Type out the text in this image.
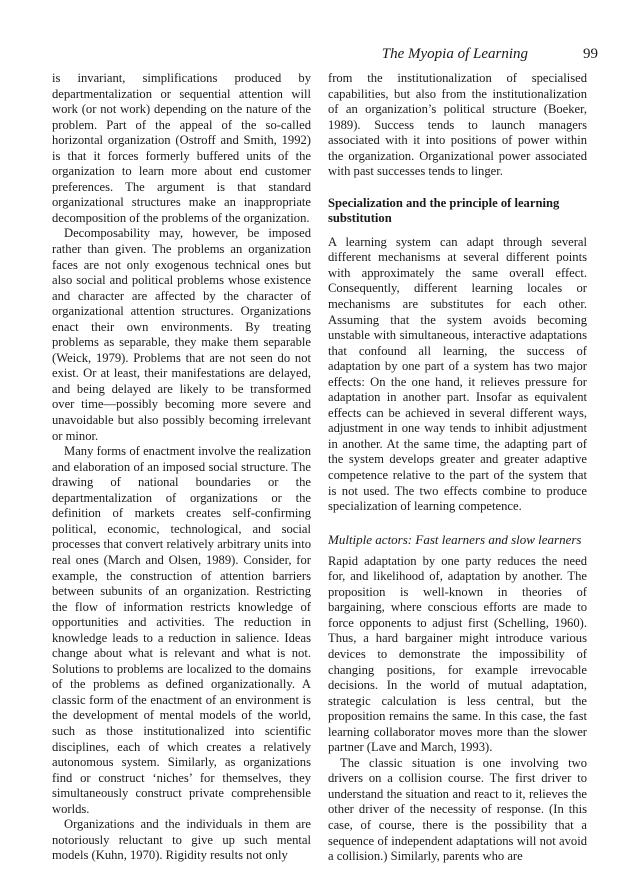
The Myopia of Learning	99

is invariant, simplifications produced by departmentalization or sequential attention will work (or not work) depending on the nature of the problem. Part of the appeal of the so-called horizontal organization (Ostroff and Smith, 1992) is that it forces formerly buffered units of the organization to learn more about end customer preferences. The argument is that standard organizational structures make an inappropriate decomposition of the problems of the organization.

Decomposability may, however, be imposed rather than given. The problems an organization faces are not only exogenous technical ones but also social and political problems whose existence and character are affected by the character of organizational attention structures. Organizations enact their own environments. By treating problems as separable, they make them separable (Weick, 1979). Problems that are not seen do not exist. Or at least, their manifestations are delayed, and being delayed are likely to be transformed over time—possibly becoming more severe and unavoidable but also possibly becoming irrelevant or minor.

Many forms of enactment involve the realization and elaboration of an imposed social structure. The drawing of national boundaries or the departmentalization of organizations or the definition of markets creates self-confirming political, economic, technological, and social processes that convert relatively arbitrary units into real ones (March and Olsen, 1989). Consider, for example, the construction of attention barriers between subunits of an organization. Restricting the flow of information restricts knowledge of opportunities and activities. The reduction in knowledge leads to a reduction in salience. Ideas change about what is relevant and what is not. Solutions to problems are localized to the domains of the problems as defined organizationally. A classic form of the enactment of an environment is the development of mental models of the world, such as those institutionalized into scientific disciplines, each of which creates a relatively autonomous system. Similarly, as organizations find or construct ‘niches’ for themselves, they simultaneously construct private comprehensible worlds.

Organizations and the individuals in them are notoriously reluctant to give up such mental models (Kuhn, 1970). Rigidity results not only

from the institutionalization of specialised capabilities, but also from the institutionalization of an organization’s political structure (Boeker, 1989). Success tends to launch managers associated with it into positions of power within the organization. Organizational power associated with past successes tends to linger.

Specialization and the principle of learning substitution

A learning system can adapt through several different mechanisms at several different points with approximately the same overall effect. Consequently, different learning locales or mechanisms are substitutes for each other. Assuming that the system avoids becoming unstable with simultaneous, interactive adaptations that confound all learning, the success of adaptation by one part of a system has two major effects: On the one hand, it relieves pressure for adaptation in another part. Insofar as equivalent effects can be achieved in several different ways, adjustment in one way tends to inhibit adjustment in another. At the same time, the adapting part of the system develops greater and greater adaptive competence relative to the part of the system that is not used. The two effects combine to produce specialization of learning competence.

Multiple actors: Fast learners and slow learners

Rapid adaptation by one party reduces the need for, and likelihood of, adaptation by another. The proposition is well-known in theories of bargaining, where conscious efforts are made to force opponents to adjust first (Schelling, 1960). Thus, a hard bargainer might introduce various devices to demonstrate the impossibility of changing positions, for example irrevocable decisions. In the world of mutual adaptation, strategic calculation is less central, but the proposition remains the same. In this case, the fast learning collaborator moves more than the slower partner (Lave and March, 1993).

The classic situation is one involving two drivers on a collision course. The first driver to understand the situation and react to it, relieves the other driver of the necessity of response. (In this case, of course, there is the possibility that a sequence of independent adaptations will not avoid a collision.) Similarly, parents who are
